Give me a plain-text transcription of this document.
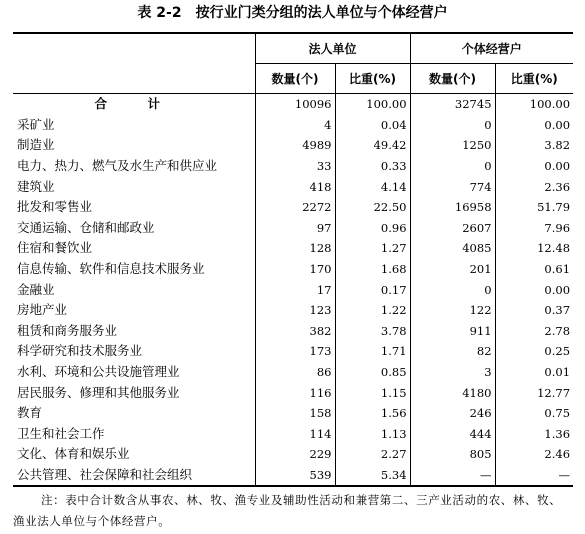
表 2-2 按行业门类分组的法人单位与个体经营户
	法人单位		个体经营户	
	数量(个)	比重(%)	数量(个)	比重(%)
合　计	10096	100.00	32745	100.00
采矿业	4	0.04	0	0.00
制造业	4989	49.42	1250	3.82
电力、热力、燃气及水生产和供应业	33	0.33	0	0.00
建筑业	418	4.14	774	2.36
批发和零售业	2272	22.50	16958	51.79
交通运输、仓储和邮政业	97	0.96	2607	7.96
住宿和餐饮业	128	1.27	4085	12.48
信息传输、软件和信息技术服务业	170	1.68	201	0.61
金融业	17	0.17	0	0.00
房地产业	123	1.22	122	0.37
租赁和商务服务业	382	3.78	911	2.78
科学研究和技术服务业	173	1.71	82	0.25
水利、环境和公共设施管理业	86	0.85	3	0.01
居民服务、修理和其他服务业	116	1.15	4180	12.77
教育	158	1.56	246	0.75
卫生和社会工作	114	1.13	444	1.36
文化、体育和娱乐业	229	2.27	805	2.46
公共管理、社会保障和社会组织	539	5.34	—	—
注：表中合计数含从事农、林、牧、渔专业及辅助性活动和兼营第二、三产业活动的农、林、牧、渔业法人单位与个体经营户。
